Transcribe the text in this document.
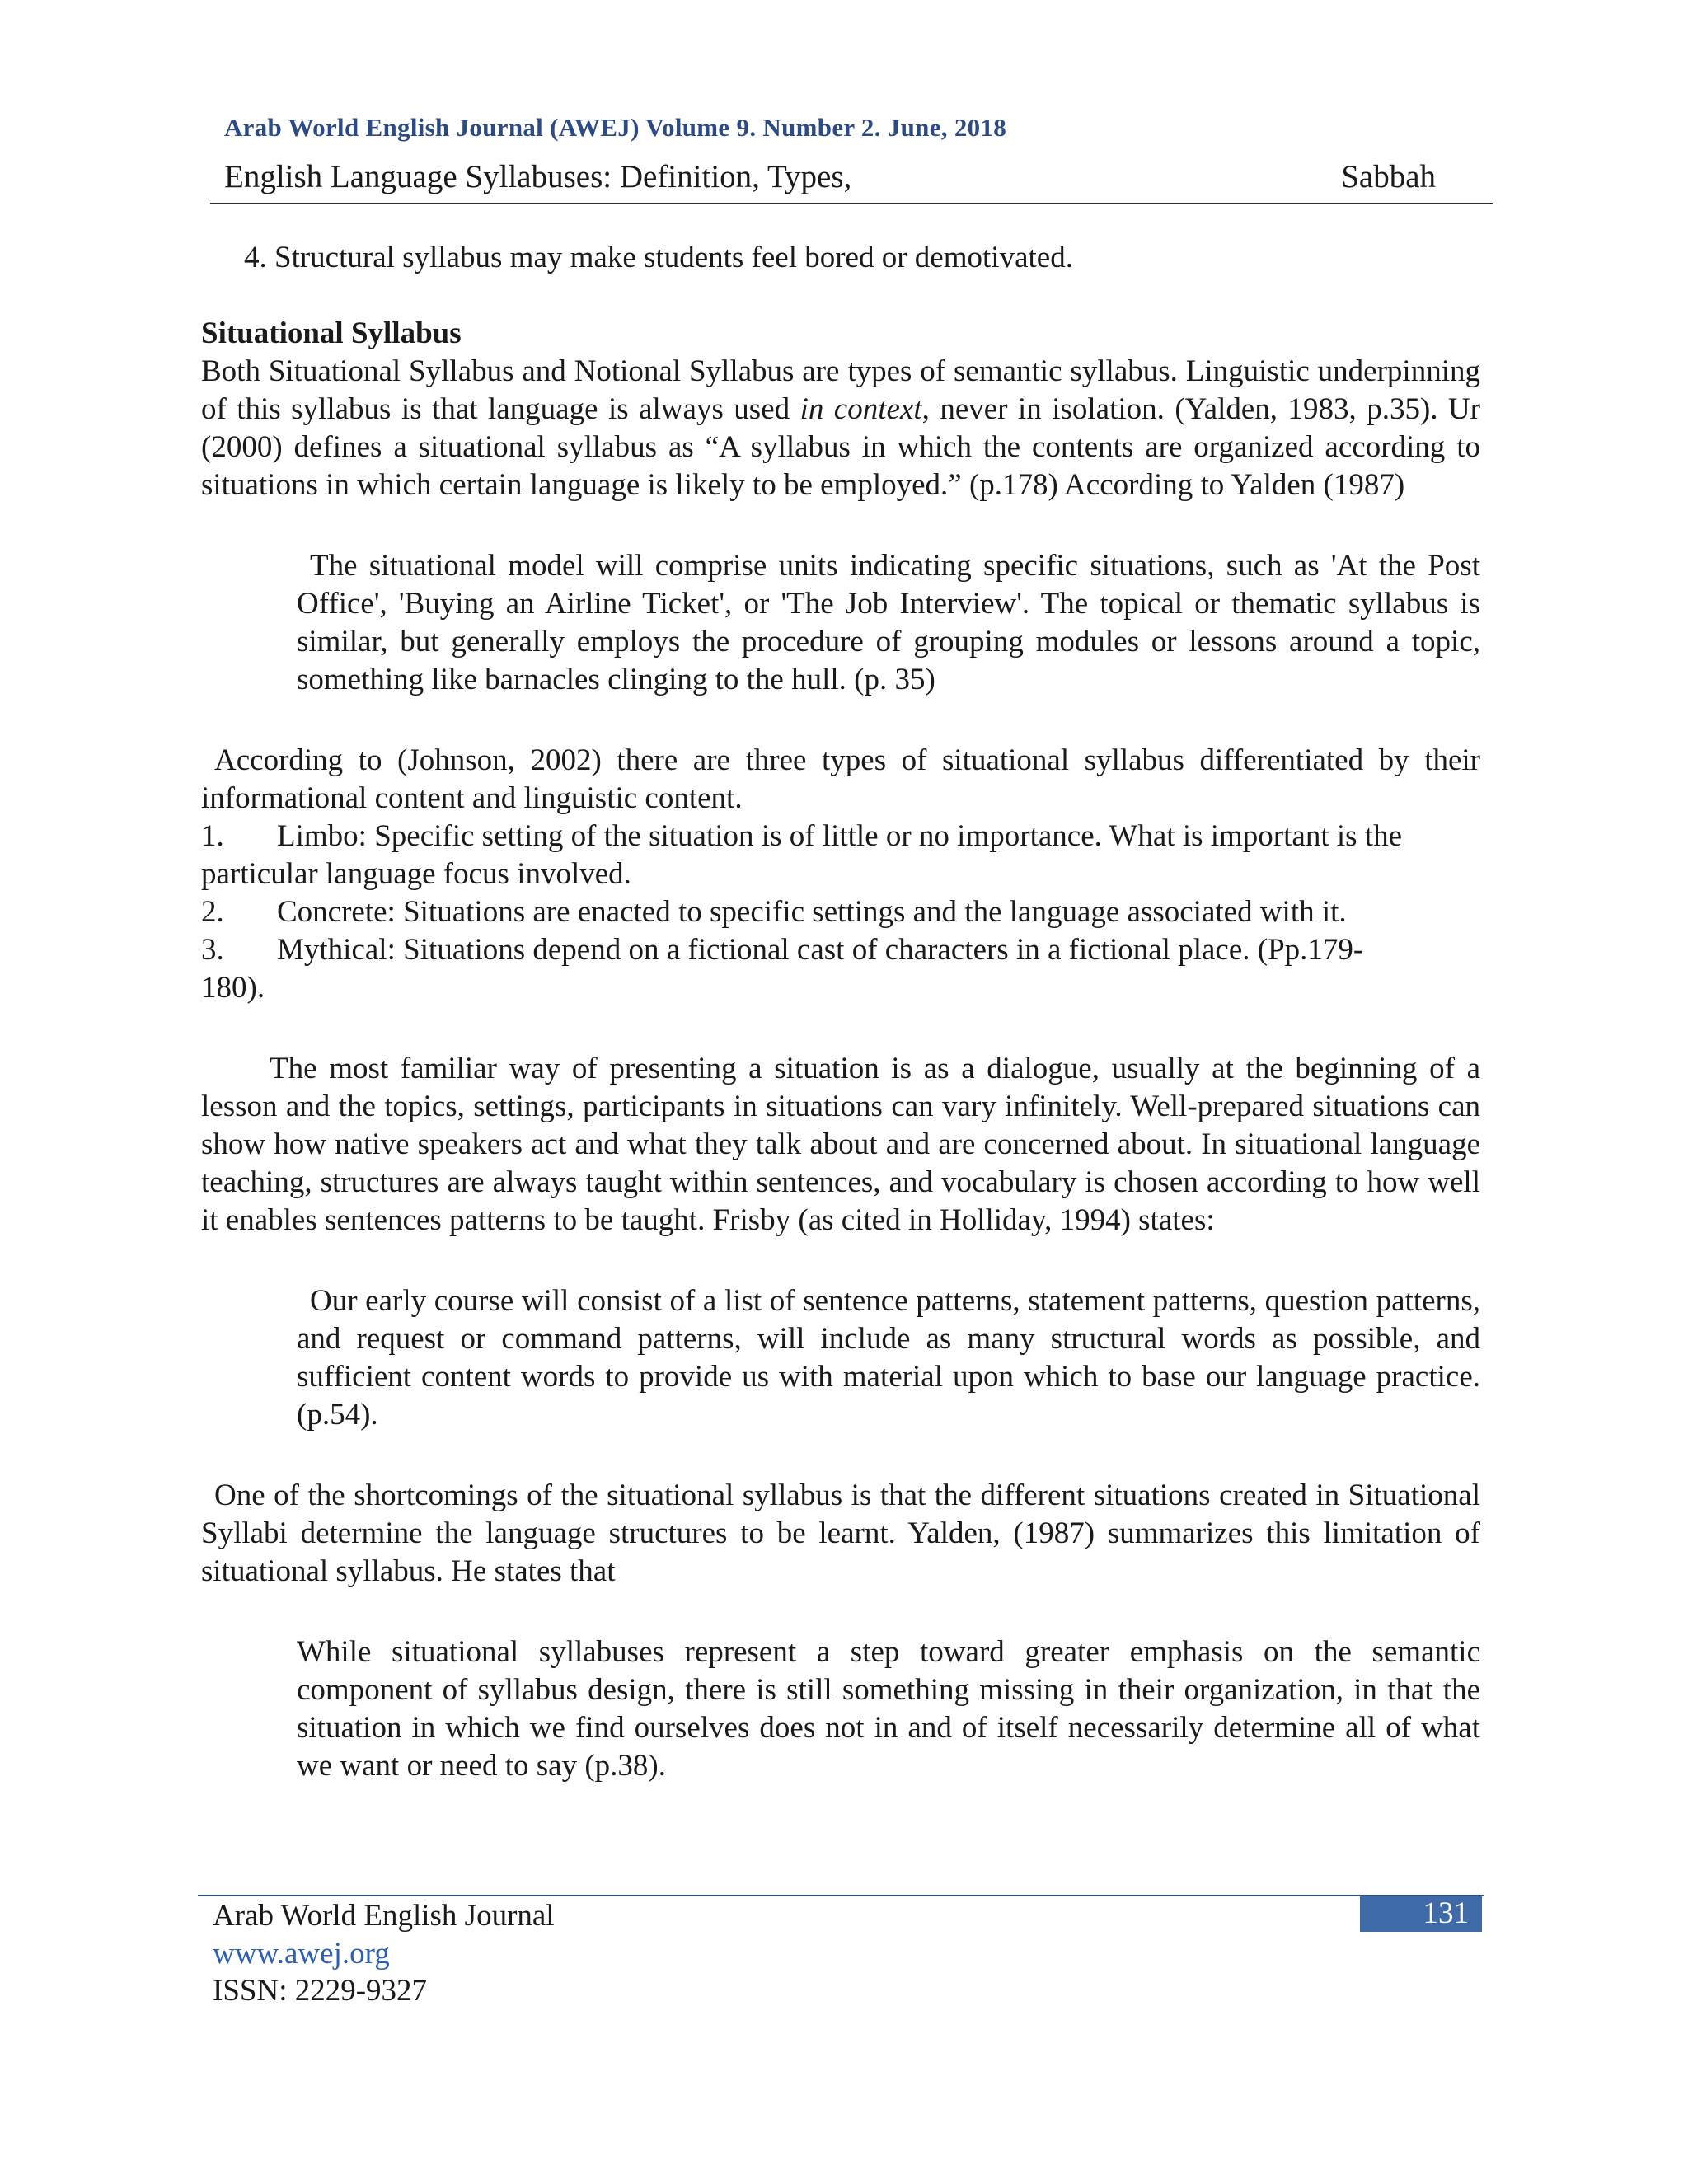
Arab World English Journal (AWEJ) Volume 9. Number 2. June, 2018
English Language Syllabuses: Definition, Types,	Sabbah

4. Structural syllabus may make students feel bored or demotivated.

Situational Syllabus

Both Situational Syllabus and Notional Syllabus are types of semantic syllabus. Linguistic underpinning of this syllabus is that language is always used in context, never in isolation. (Yalden, 1983, p.35). Ur (2000) defines a situational syllabus as “A syllabus in which the contents are organized according to situations in which certain language is likely to be employed.” (p.178) According to Yalden (1987)

The situational model will comprise units indicating specific situations, such as 'At the Post Office', 'Buying an Airline Ticket', or 'The Job Interview'. The topical or thematic syllabus is similar, but generally employs the procedure of grouping modules or lessons around a topic, something like barnacles clinging to the hull. (p. 35)

According to (Johnson, 2002) there are three types of situational syllabus differentiated by their informational content and linguistic content.

1.	Limbo: Specific setting of the situation is of little or no importance. What is important is the
particular language focus involved.
2.	Concrete: Situations are enacted to specific settings and the language associated with it.
3.	Mythical: Situations depend on a fictional cast of characters in a fictional place. (Pp.179-
180).

The most familiar way of presenting a situation is as a dialogue, usually at the beginning of a lesson and the topics, settings, participants in situations can vary infinitely. Well-prepared situations can show how native speakers act and what they talk about and are concerned about. In situational language teaching, structures are always taught within sentences, and vocabulary is chosen according to how well it enables sentences patterns to be taught. Frisby (as cited in Holliday, 1994) states:

Our early course will consist of a list of sentence patterns, statement patterns, question patterns, and request or command patterns, will include as many structural words as possible, and sufficient content words to provide us with material upon which to base our language practice. (p.54).

One of the shortcomings of the situational syllabus is that the different situations created in Situational Syllabi determine the language structures to be learnt. Yalden, (1987) summarizes this limitation of situational syllabus. He states that

While situational syllabuses represent a step toward greater emphasis on the semantic component of syllabus design, there is still something missing in their organization, in that the situation in which we find ourselves does not in and of itself necessarily determine all of what we want or need to say (p.38).

131
Arab World English Journal
www.awej.org
ISSN: 2229-9327
